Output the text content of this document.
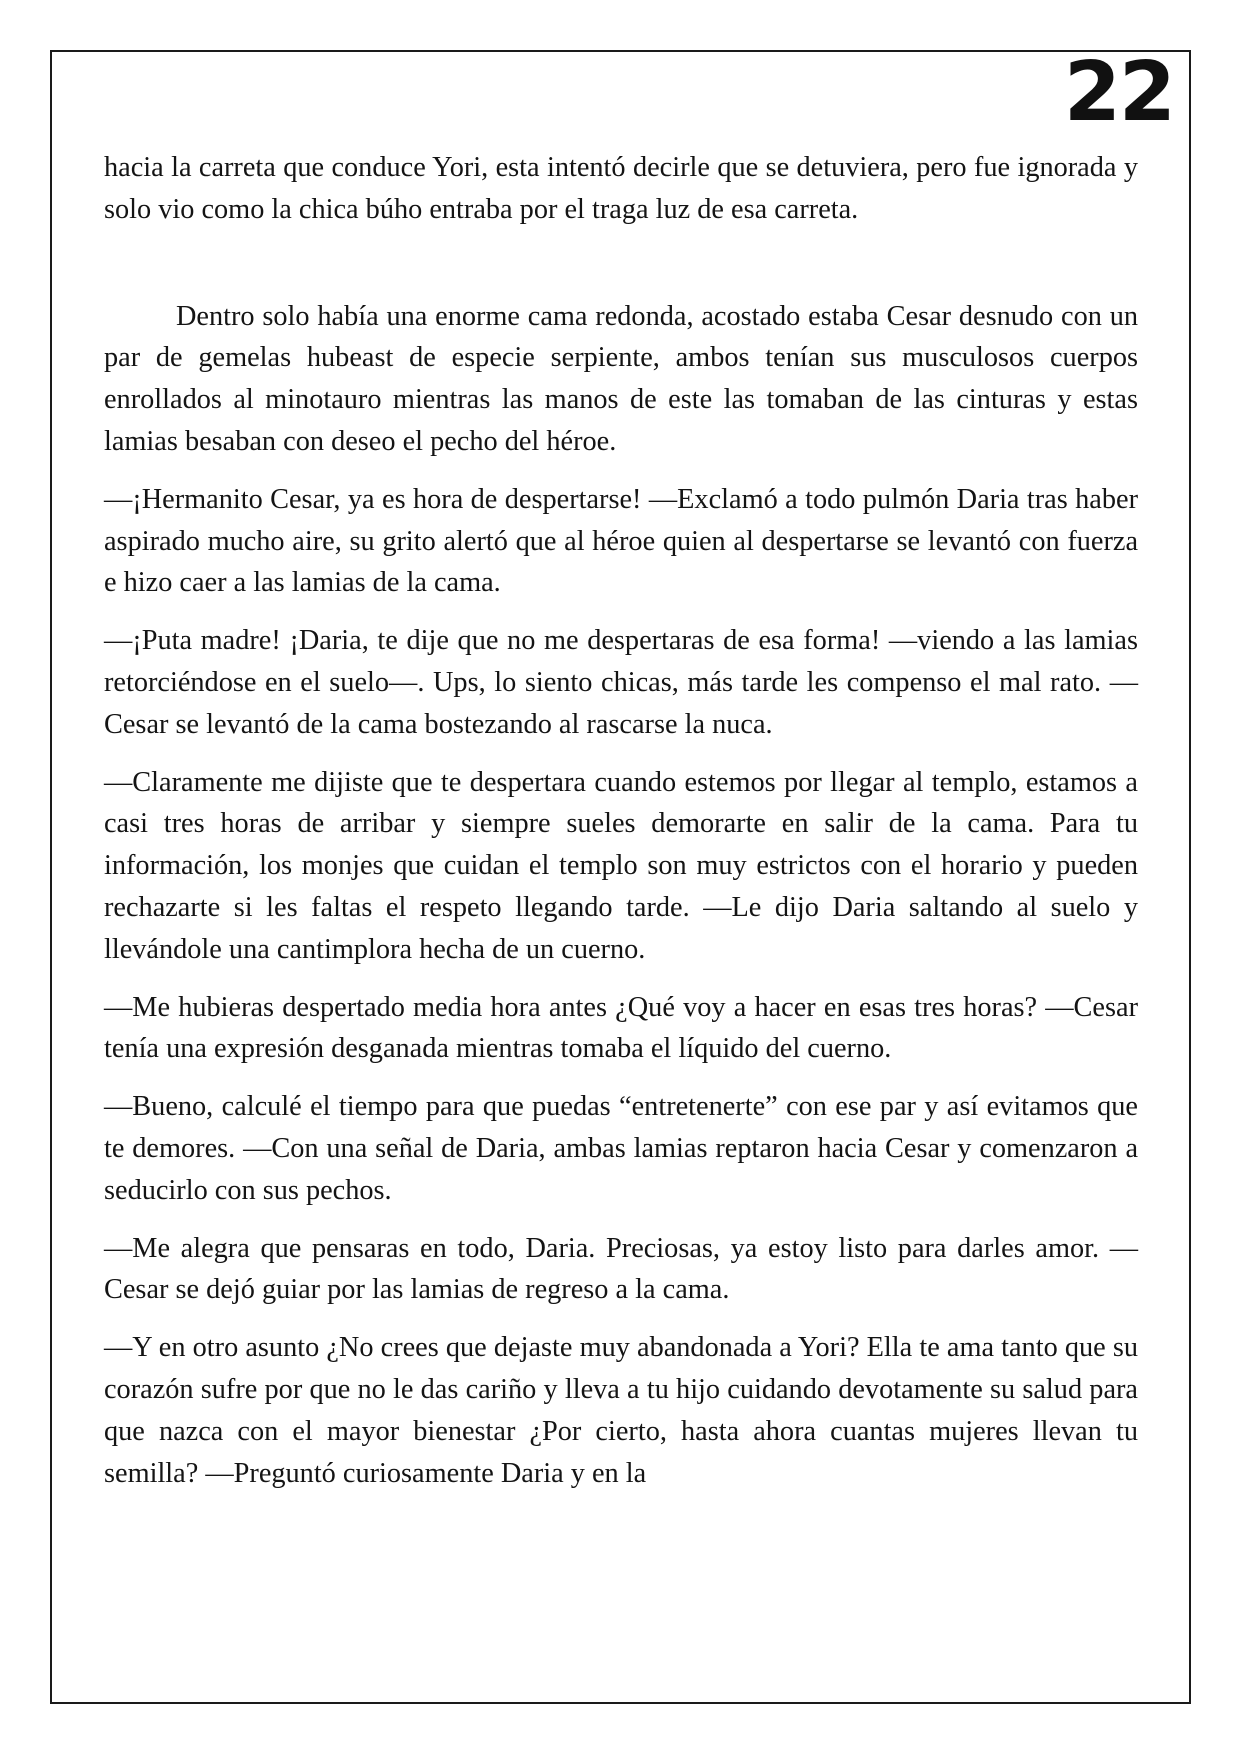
22

hacia la carreta que conduce Yori, esta intentó decirle que se detuviera, pero fue ignorada y solo vio como la chica búho entraba por el traga luz de esa carreta.

Dentro solo había una enorme cama redonda, acostado estaba Cesar desnudo con un par de gemelas hubeast de especie serpiente, ambos tenían sus musculosos cuerpos enrollados al minotauro mientras las manos de este las tomaban de las cinturas y estas lamias besaban con deseo el pecho del héroe.

—¡Hermanito Cesar, ya es hora de despertarse! —Exclamó a todo pulmón Daria tras haber aspirado mucho aire, su grito alertó que al héroe quien al despertarse se levantó con fuerza e hizo caer a las lamias de la cama.

—¡Puta madre! ¡Daria, te dije que no me despertaras de esa forma! —viendo a las lamias retorciéndose en el suelo—. Ups, lo siento chicas, más tarde les compenso el mal rato. —Cesar se levantó de la cama bostezando al rascarse la nuca.

—Claramente me dijiste que te despertara cuando estemos por llegar al templo, estamos a casi tres horas de arribar y siempre sueles demorarte en salir de la cama. Para tu información, los monjes que cuidan el templo son muy estrictos con el horario y pueden rechazarte si les faltas el respeto llegando tarde. —Le dijo Daria saltando al suelo y llevándole una cantimplora hecha de un cuerno.

—Me hubieras despertado media hora antes ¿Qué voy a hacer en esas tres horas? —Cesar tenía una expresión desganada mientras tomaba el líquido del cuerno.

—Bueno, calculé el tiempo para que puedas “entretenerte” con ese par y así evitamos que te demores. —Con una señal de Daria, ambas lamias reptaron hacia Cesar y comenzaron a seducirlo con sus pechos.

—Me alegra que pensaras en todo, Daria. Preciosas, ya estoy listo para darles amor. —Cesar se dejó guiar por las lamias de regreso a la cama.

—Y en otro asunto ¿No crees que dejaste muy abandonada a Yori? Ella te ama tanto que su corazón sufre por que no le das cariño y lleva a tu hijo cuidando devotamente su salud para que nazca con el mayor bienestar ¿Por cierto, hasta ahora cuantas mujeres llevan tu semilla? —Preguntó curiosamente Daria y en la
